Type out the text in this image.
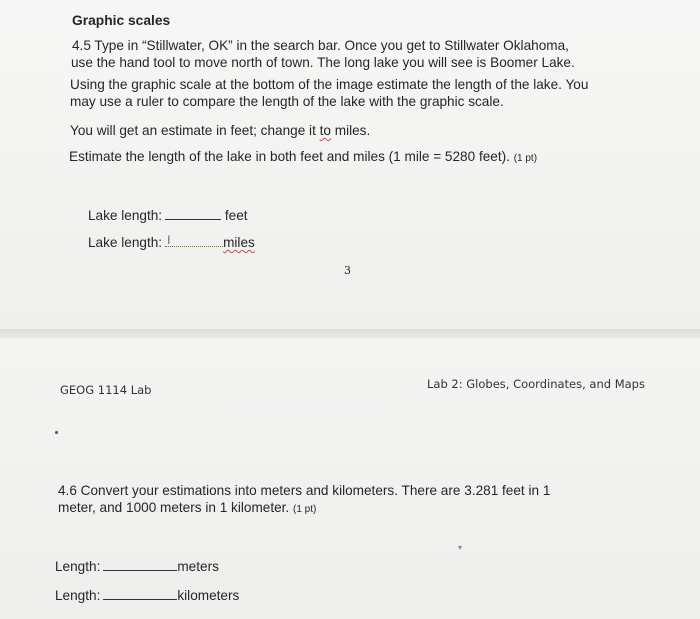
Graphic scales
4.5 Type in “Stillwater, OK” in the search bar. Once you get to Stillwater Oklahoma,
use the hand tool to move north of town. The long lake you will see is Boomer Lake.
Using the graphic scale at the bottom of the image estimate the length of the lake. You
may use a ruler to compare the length of the lake with the graphic scale.
You will get an estimate in feet; change it to miles.
Estimate the length of the lake in both feet and miles (1 mile = 5280 feet). (1 pt)
Lake length:	feet
Lake length: I	miles
3
GEOG 1114 Lab	Lab 2: Globes, Coordinates, and Maps
4.6 Convert your estimations into meters and kilometers. There are 3.281 feet in 1
meter, and 1000 meters in 1 kilometer. (1 pt)
▾
Length:	meters
Length:	kilometers
